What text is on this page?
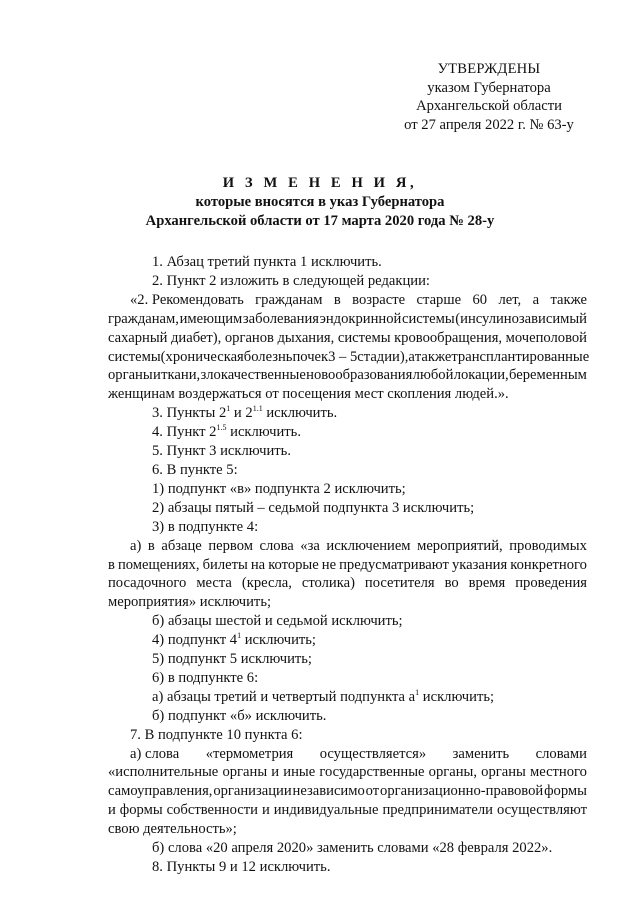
УТВЕРЖДЕНЫ
указом Губернатора
Архангельской области
от 27 апреля 2022 г. № 63-у
И З М Е Н Е Н И Я,
которые вносятся в указ Губернатора
Архангельской области от 17 марта 2020 года № 28-у

1. Абзац третий пункта 1 исключить.

2. Пункт 2 изложить в следующей редакции:

«2. Рекомендовать гражданам в возрасте старше 60 лет, а также
гражданам, имеющим заболевания эндокринной системы (инсулинозависимый
сахарный диабет), органов дыхания, системы кровообращения, мочеполовой
системы (хроническая болезнь почек 3 – 5 стадии), а также трансплантированные
органы и ткани, злокачественные новообразования любой локации, беременным
женщинам воздержаться от посещения мест скопления людей.».

3. Пункты $2^1$ и $2^{1.1}$ исключить.

4. Пункт $2^{1.5}$ исключить.

5. Пункт 3 исключить.

6. В пункте 5:

1) подпункт «в» подпункта 2 исключить;

2) абзацы пятый – седьмой подпункта 3 исключить;

3) в подпункте 4:

а) в абзаце первом слова «за исключением мероприятий, проводимых
в помещениях, билеты на которые не предусматривают указания конкретного
посадочного места (кресла, столика) посетителя во время проведения
мероприятия» исключить;

б) абзацы шестой и седьмой исключить;

4) подпункт $4^1$ исключить;

5) подпункт 5 исключить;

6) в подпункте 6:

а) абзацы третий и четвертый подпункта $а^1$ исключить;

б) подпункт «б» исключить.

7. В подпункте 10 пункта 6:

а) слова «термометрия осуществляется» заменить словами
«исполнительные органы и иные государственные органы, органы местного
самоуправления, организации независимо от организационно-правовой формы
и формы собственности и индивидуальные предприниматели осуществляют
свою деятельность»;

б) слова «20 апреля 2020» заменить словами «28 февраля 2022».

8. Пункты 9 и 12 исключить.
